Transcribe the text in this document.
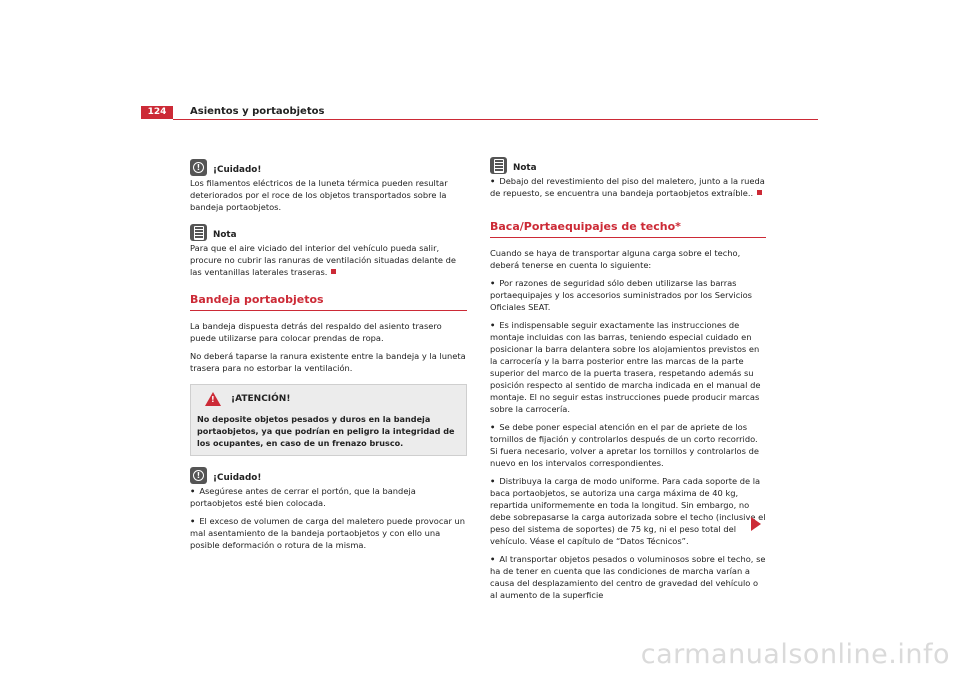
124	Asientos y portaobjetos
!
¡Cuidado!

Los filamentos eléctricos de la luneta térmica pueden resultar deteriorados por el roce de los objetos transportados sobre la bandeja portaobjetos.

Nota

Para que el aire viciado del interior del vehículo pueda salir, procure no cubrir las ranuras de ventilación situadas delante de las ventanillas laterales traseras.

Bandeja portaobjetos

La bandeja dispuesta detrás del respaldo del asiento trasero puede utilizarse para colocar prendas de ropa.

No deberá taparse la ranura existente entre la bandeja y la luneta trasera para no estorbar la ventilación.

!
¡ATENCIÓN!
No deposite objetos pesados y duros en la bandeja portaobjetos, ya que podrían en peligro la integridad de los ocupantes, en caso de un frenazo brusco.
!
¡Cuidado!

• Asegúrese antes de cerrar el portón, que la bandeja portaobjetos esté bien colocada.

• El exceso de volumen de carga del maletero puede provocar un mal asentamiento de la bandeja portaobjetos y con ello una posible deformación o rotura de la misma.

Nota

• Debajo del revestimiento del piso del maletero, junto a la rueda de repuesto, se encuentra una bandeja portaobjetos extraíble..

Baca/Portaequipajes de techo*

Cuando se haya de transportar alguna carga sobre el techo, deberá tenerse en cuenta lo siguiente:

• Por razones de seguridad sólo deben utilizarse las barras portaequipajes y los accesorios suministrados por los Servicios Oficiales SEAT.

• Es indispensable seguir exactamente las instrucciones de montaje incluidas con las barras, teniendo especial cuidado en posicionar la barra delantera sobre los alojamientos previstos en la carrocería y la barra posterior entre las marcas de la parte superior del marco de la puerta trasera, respetando además su posición respecto al sentido de marcha indicada en el manual de montaje. El no seguir estas instrucciones puede producir marcas sobre la carrocería.

• Se debe poner especial atención en el par de apriete de los tornillos de fijación y controlarlos después de un corto recorrido. Si fuera necesario, volver a apretar los tornillos y controlarlos de nuevo en los intervalos correspondientes.

• Distribuya la carga de modo uniforme. Para cada soporte de la baca portaobjetos, se autoriza una carga máxima de 40 kg, repartida uniformemente en toda la longitud. Sin embargo, no debe sobrepasarse la carga autorizada sobre el techo (inclusive el peso del sistema de soportes) de 75 kg, ni el peso total del vehículo. Véase el capítulo de “Datos Técnicos”.

• Al transportar objetos pesados o voluminosos sobre el techo, se ha de tener en cuenta que las condiciones de marcha varían a causa del desplazamiento del centro de gravedad del vehículo o al aumento de la superficie

carmanualsonline.info
